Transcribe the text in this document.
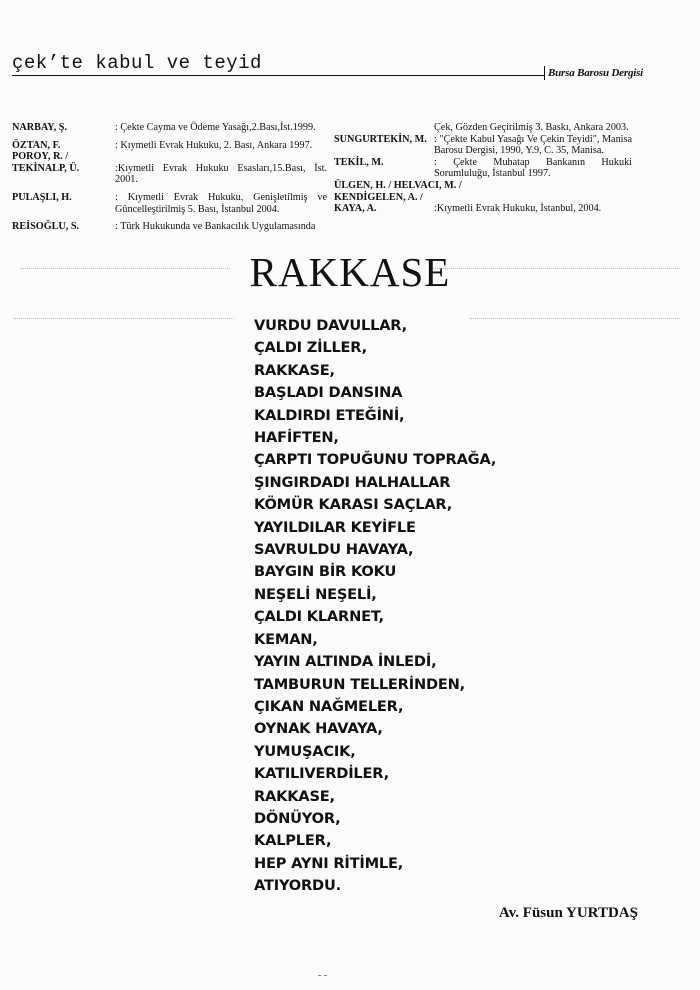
çek’te kabul ve teyid	Bursa Barosu Dergisi
NARBAY, Ş.	: Çekte Cayma ve Ödeme Yasağı,2.Bası,İst.1999.
ÖZTAN, F.	: Kıymetli Evrak Hukuku, 2. Bası, Ankara 1997.
POROY, R. /

TEKİNALP, Ü.	:Kıymetli Evrak Hukuku Esasları,15.Bası, İst. 2001.
PULAŞLI, H.	: Kıymetli Evrak Hukuku, Genişletilmiş ve Güncelleştirilmiş 5. Bası, İstanbul 2004.
REİSOĞLU, S.	: Türk Hukukunda ve Bankacılık Uygulamasında
Çek, Gözden Geçirilmiş 3. Baskı, Ankara 2003.
SUNGURTEKİN, M. : "Çekte Kabul Yasağı Ve Çekin Teyidi", Manisa Barosu Dergisi, 1990, Y.9, C. 35, Manisa.
TEKİL, M.	: Çekte Muhatap Bankanın Hukuki Sorumluluğu, İstanbul 1997.
ÜLGEN, H. / HELVACI, M. /

KENDİGELEN, A. /

KAYA, A.	:Kıymetli Evrak Hukuku, İstanbul, 2004.
RAKKASE
VURDU DAVULLAR,
ÇALDI ZİLLER,
RAKKASE,
BAŞLADI DANSINA
KALDIRDI ETEĞİNİ,
HAFİFTEN,
ÇARPTI TOPUĞUNU TOPRAĞA,
ŞINGIRDADI HALHALLAR
KÖMÜR KARASI SAÇLAR,
YAYILDILAR KEYİFLE
SAVRULDU HAVAYA,
BAYGIN BİR KOKU
NEŞELİ NEŞELİ,
ÇALDI KLARNET,
KEMAN,
YAYIN ALTINDA İNLEDİ,
TAMBURUN TELLERİNDEN,
ÇIKAN NAĞMELER,
OYNAK HAVAYA,
YUMUŞACIK,
KATILIVERDİLER,
RAKKASE,
DÖNÜYOR,
KALPLER,
HEP AYNI RİTİMLE,
ATIYORDU.
Av. Füsun YURTDAŞ
- -
